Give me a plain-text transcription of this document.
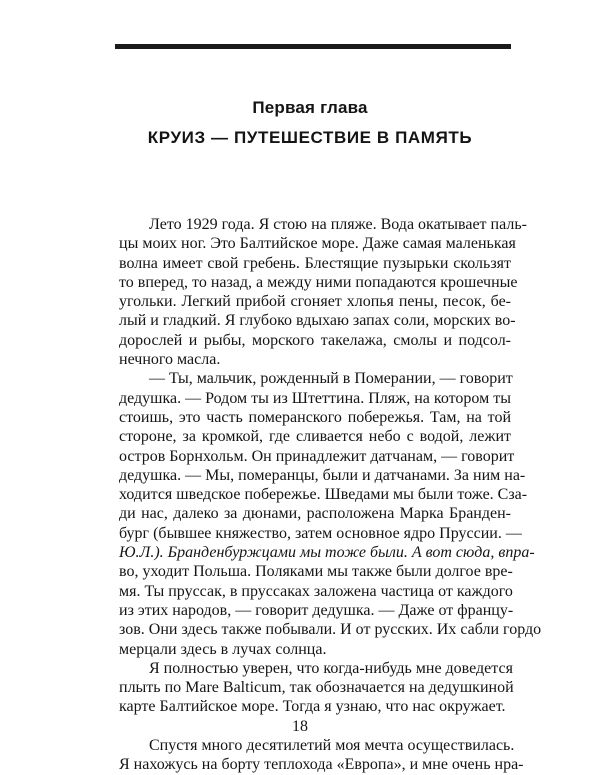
Первая глава
КРУИЗ — ПУТЕШЕСТВИЕ В ПАМЯТЬ
Лето 1929 года. Я стою на пляже. Вода окатывает паль-
цы моих ног. Это Балтийское море. Даже самая маленькая
волна имеет свой гребень. Блестящие пузырьки скользят
то вперед, то назад, а между ними попадаются крошечные
угольки. Легкий прибой сгоняет хлопья пены, песок, бе-
лый и гладкий. Я глубоко вдыхаю запах соли, морских во-
дорослей и рыбы, морского такелажа, смолы и подсол-
нечного масла.
— Ты, мальчик, рожденный в Померании, — говорит
дедушка. — Родом ты из Штеттина. Пляж, на котором ты
стоишь, это часть померанского побережья. Там, на той
стороне, за кромкой, где сливается небо с водой, лежит
остров Борнхольм. Он принадлежит датчанам, — говорит
дедушка. — Мы, померанцы, были и датчанами. За ним на-
ходится шведское побережье. Шведами мы были тоже. Сза-
ди нас, далеко за дюнами, расположена Марка Бранден-
бург (бывшее княжество, затем основное ядро Пруссии. —
Ю.Л.). Бранденбуржцами мы тоже были. А вот сюда, впра-
во, уходит Польша. Поляками мы также были долгое вре-
мя. Ты пруссак, в пруссаках заложена частица от каждого
из этих народов, — говорит дедушка. — Даже от францу-
зов. Они здесь также побывали. И от русских. Их сабли гордо
мерцали здесь в лучах солнца.
Я полностью уверен, что когда-нибудь мне доведется
плыть по Mare Balticum, так обозначается на дедушкиной
карте Балтийское море. Тогда я узнаю, что нас окружает.
Спустя много десятилетий моя мечта осуществилась.
Я нахожусь на борту теплохода «Европа», и мне очень нра-
18
